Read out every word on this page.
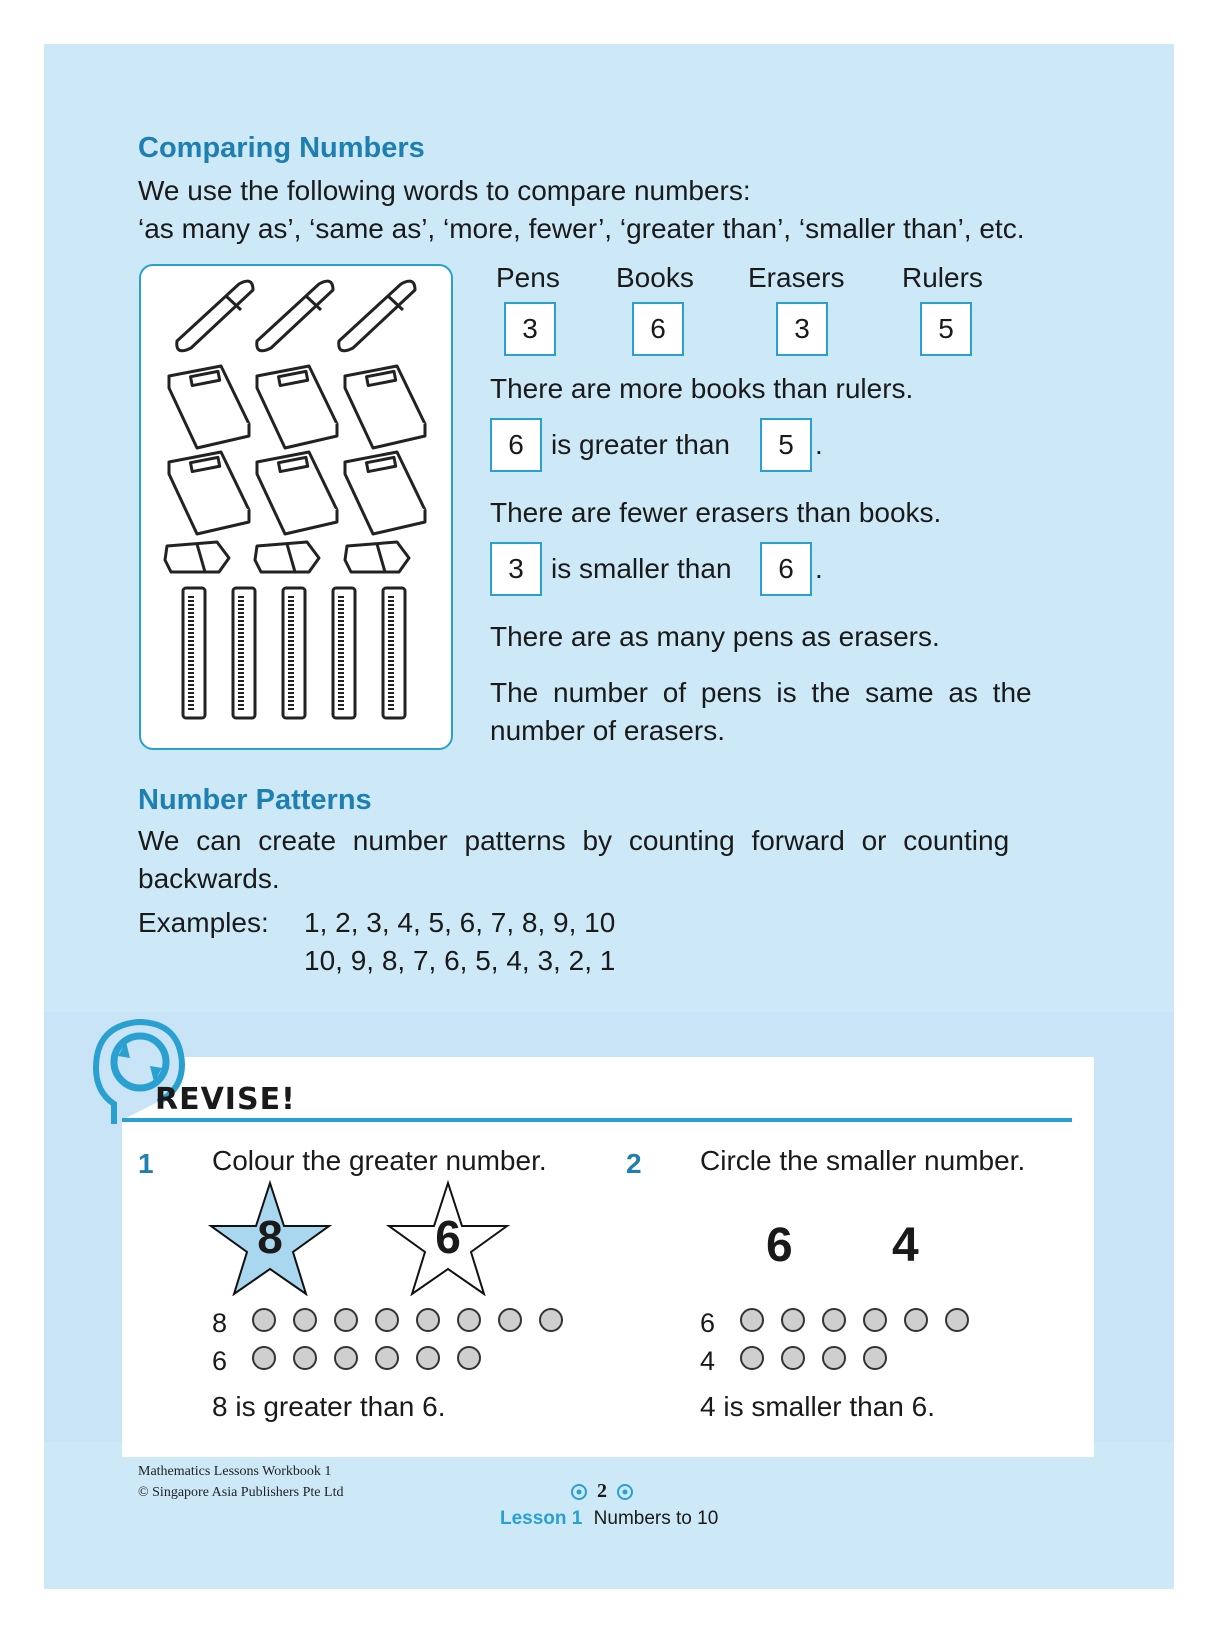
Comparing Numbers
We use the following words to compare numbers:
‘as many as’, ‘same as’, ‘more, fewer’, ‘greater than’, ‘smaller than’, etc.
Pens Books Erasers Rulers
3	6	3	5
There are more books than rulers.
6 is greater than	5 .
There are fewer erasers than books.
3 is smaller than	6 .
There are as many pens as erasers.
The number of pens is the same as the
number of erasers.
Number Patterns
We can create number patterns by counting forward or counting
backwards.
Examples: 1, 2, 3, 4, 5, 6, 7, 8, 9, 10
10, 9, 8, 7, 6, 5, 4, 3, 2, 1
REVISE!
1 Colour the greater number.
8	6
8
6
8 is greater than 6.
2 Circle the smaller number.
6 4
6
4
4 is smaller than 6.
Mathematics Lessons Workbook 1
© Singapore Asia Publishers Pte Ltd	2
Lesson 1 Numbers to 10
